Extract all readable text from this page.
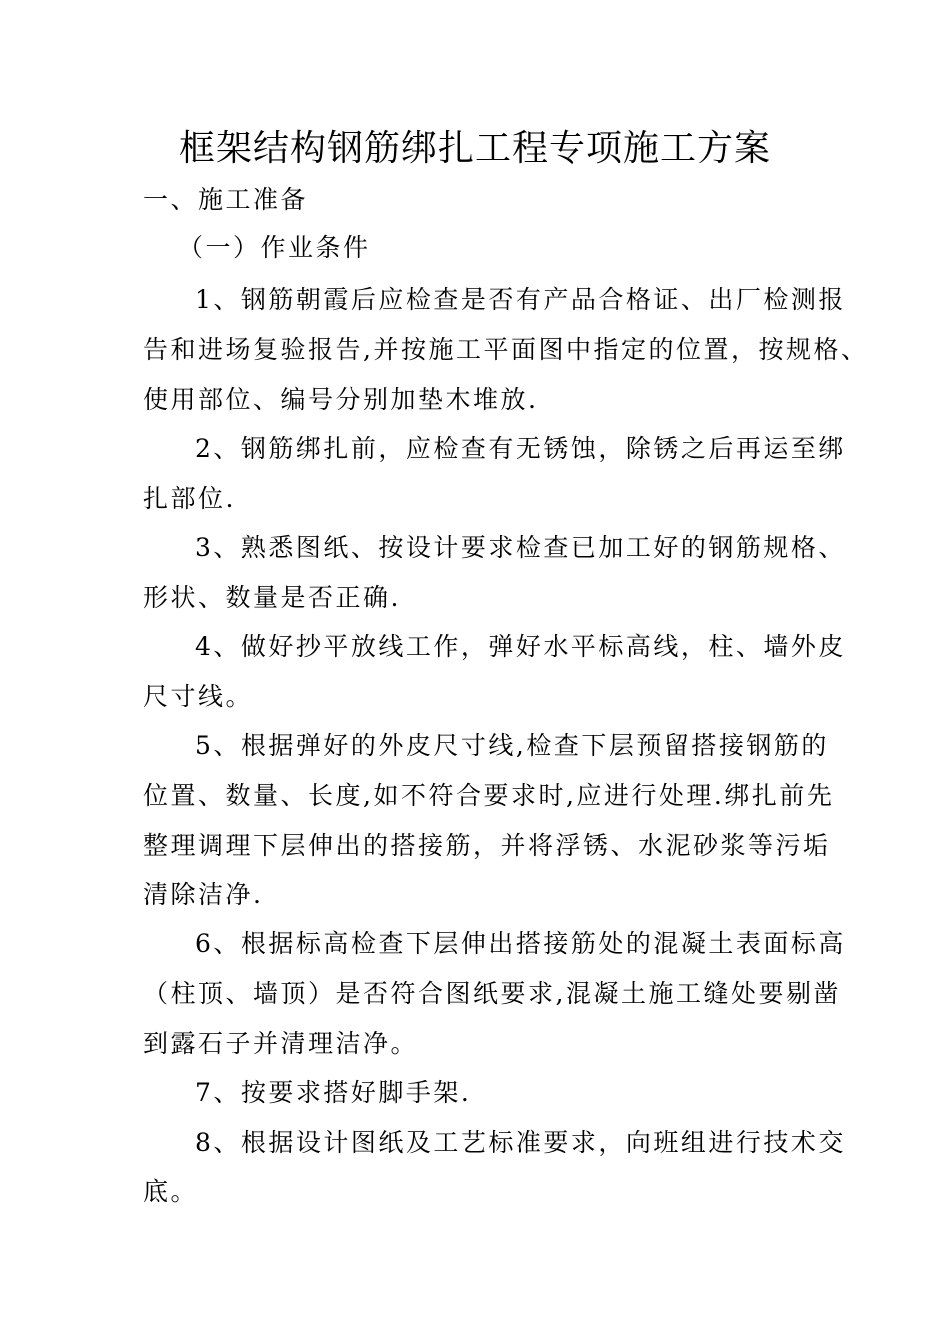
框架结构钢筋绑扎工程专项施工方案
一、施工准备
（一）作业条件
1、钢筋朝霞后应检查是否有产品合格证、出厂检测报
告和进场复验报告,并按施工平面图中指定的位置，按规格、
使用部位、编号分别加垫木堆放.
2、钢筋绑扎前，应检查有无锈蚀，除锈之后再运至绑
扎部位.
3、熟悉图纸、按设计要求检查已加工好的钢筋规格、
形状、数量是否正确.
4、做好抄平放线工作，弹好水平标高线，柱、墙外皮
尺寸线。
5、根据弹好的外皮尺寸线,检查下层预留搭接钢筋的
位置、数量、长度,如不符合要求时,应进行处理.绑扎前先
整理调理下层伸出的搭接筋，并将浮锈、水泥砂浆等污垢
清除洁净.
6、根据标高检查下层伸出搭接筋处的混凝土表面标高
（柱顶、墙顶）是否符合图纸要求,混凝土施工缝处要剔凿
到露石子并清理洁净。
7、按要求搭好脚手架.
8、根据设计图纸及工艺标准要求，向班组进行技术交
底。
